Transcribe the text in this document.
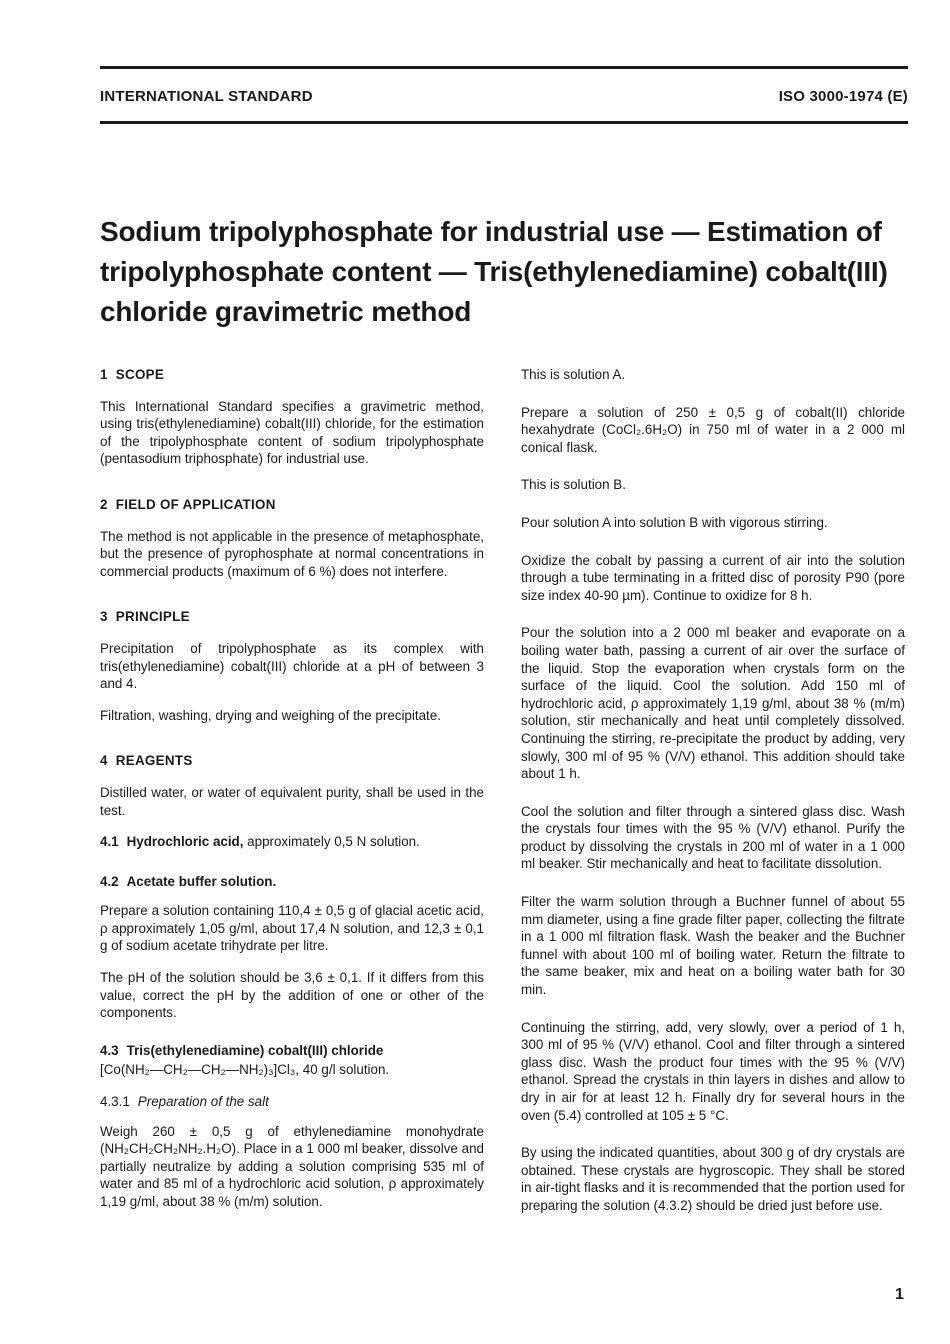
INTERNATIONAL STANDARD	ISO 3000-1974 (E)
Sodium tripolyphosphate for industrial use — Estimation of tripolyphosphate content — Tris(ethylenediamine) cobalt(III) chloride gravimetric method
1 SCOPE

This International Standard specifies a gravimetric method, using tris(ethylenediamine) cobalt(III) chloride, for the estimation of the tripolyphosphate content of sodium tripolyphosphate (pentasodium triphosphate) for industrial use.

2 FIELD OF APPLICATION

The method is not applicable in the presence of metaphosphate, but the presence of pyrophosphate at normal concentrations in commercial products (maximum of 6 %) does not interfere.

3 PRINCIPLE

Precipitation of tripolyphosphate as its complex with tris(ethylenediamine) cobalt(III) chloride at a pH of between 3 and 4.

Filtration, washing, drying and weighing of the precipitate.

4 REAGENTS

Distilled water, or water of equivalent purity, shall be used in the test.

4.1 Hydrochloric acid, approximately 0,5 N solution.
4.2 Acetate buffer solution.

Prepare a solution containing 110,4 ± 0,5 g of glacial acetic acid, ρ approximately 1,05 g/ml, about 17,4 N solution, and 12,3 ± 0,1 g of sodium acetate trihydrate per litre.

The pH of the solution should be 3,6 ± 0,1. If it differs from this value, correct the pH by the addition of one or other of the components.

4.3 Tris(ethylenediamine) cobalt(III) chloride
[Co(NH₂—CH₂—CH₂—NH₂)₃]Cl₃, 40 g/l solution.
4.3.1 Preparation of the salt

Weigh 260 ± 0,5 g of ethylenediamine monohydrate (NH₂CH₂CH₂NH₂.H₂O). Place in a 1 000 ml beaker, dissolve and partially neutralize by adding a solution comprising 535 ml of water and 85 ml of a hydrochloric acid solution, ρ approximately 1,19 g/ml, about 38 % (m/m) solution.

This is solution A.

Prepare a solution of 250 ± 0,5 g of cobalt(II) chloride hexahydrate (CoCl₂.6H₂O) in 750 ml of water in a 2 000 ml conical flask.

This is solution B.

Pour solution A into solution B with vigorous stirring.

Oxidize the cobalt by passing a current of air into the solution through a tube terminating in a fritted disc of porosity P90 (pore size index 40-90 µm). Continue to oxidize for 8 h.

Pour the solution into a 2 000 ml beaker and evaporate on a boiling water bath, passing a current of air over the surface of the liquid. Stop the evaporation when crystals form on the surface of the liquid. Cool the solution. Add 150 ml of hydrochloric acid, ρ approximately 1,19 g/ml, about 38 % (m/m) solution, stir mechanically and heat until completely dissolved. Continuing the stirring, re-precipitate the product by adding, very slowly, 300 ml of 95 % (V/V) ethanol. This addition should take about 1 h.

Cool the solution and filter through a sintered glass disc. Wash the crystals four times with the 95 % (V/V) ethanol. Purify the product by dissolving the crystals in 200 ml of water in a 1 000 ml beaker. Stir mechanically and heat to facilitate dissolution.

Filter the warm solution through a Buchner funnel of about 55 mm diameter, using a fine grade filter paper, collecting the filtrate in a 1 000 ml filtration flask. Wash the beaker and the Buchner funnel with about 100 ml of boiling water. Return the filtrate to the same beaker, mix and heat on a boiling water bath for 30 min.

Continuing the stirring, add, very slowly, over a period of 1 h, 300 ml of 95 % (V/V) ethanol. Cool and filter through a sintered glass disc. Wash the product four times with the 95 % (V/V) ethanol. Spread the crystals in thin layers in dishes and allow to dry in air for at least 12 h. Finally dry for several hours in the oven (5.4) controlled at 105 ± 5 °C.

By using the indicated quantities, about 300 g of dry crystals are obtained. These crystals are hygroscopic. They shall be stored in air-tight flasks and it is recommended that the portion used for preparing the solution (4.3.2) should be dried just before use.

1
